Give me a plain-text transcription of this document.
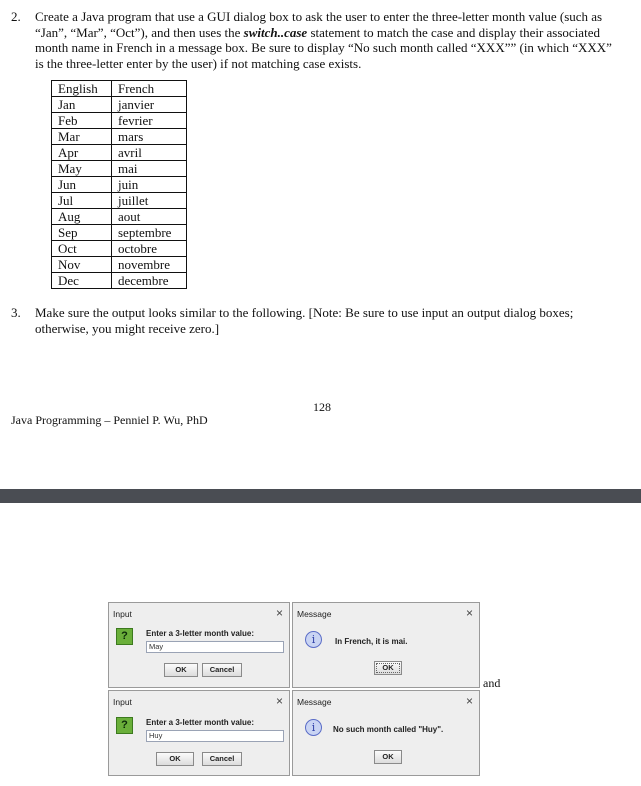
2. Create a Java program that use a GUI dialog box to ask the user to enter the three-letter month value (such as
“Jan”, “Mar”, “Oct”), and then uses the switch..case statement to match the case and display their associated
month name in French in a message box. Be sure to display “No such month called “XXX”” (in which “XXX”
is the three-letter enter by the user) if not matching case exists.
English	French
Jan	janvier
Feb	fevrier
Mar	mars
Apr	avril
May	mai
Jun	juin
Jul	juillet
Aug	aout
Sep	septembre
Oct	octobre
Nov	novembre
Dec	decembre
3. Make sure the output looks similar to the following. [Note: Be sure to use input an output dialog boxes;
otherwise, you might receive zero.]
128
Java Programming – Penniel P. Wu, PhD
Input	×
?	Enter a 3-letter month value:
May
OK	Cancel
Message	×
i	In French, it is mai.
OK
and
Input	×
?	Enter a 3-letter month value:
Huy
OK	Cancel
Message	×
i	No such month called "Huy".
OK
